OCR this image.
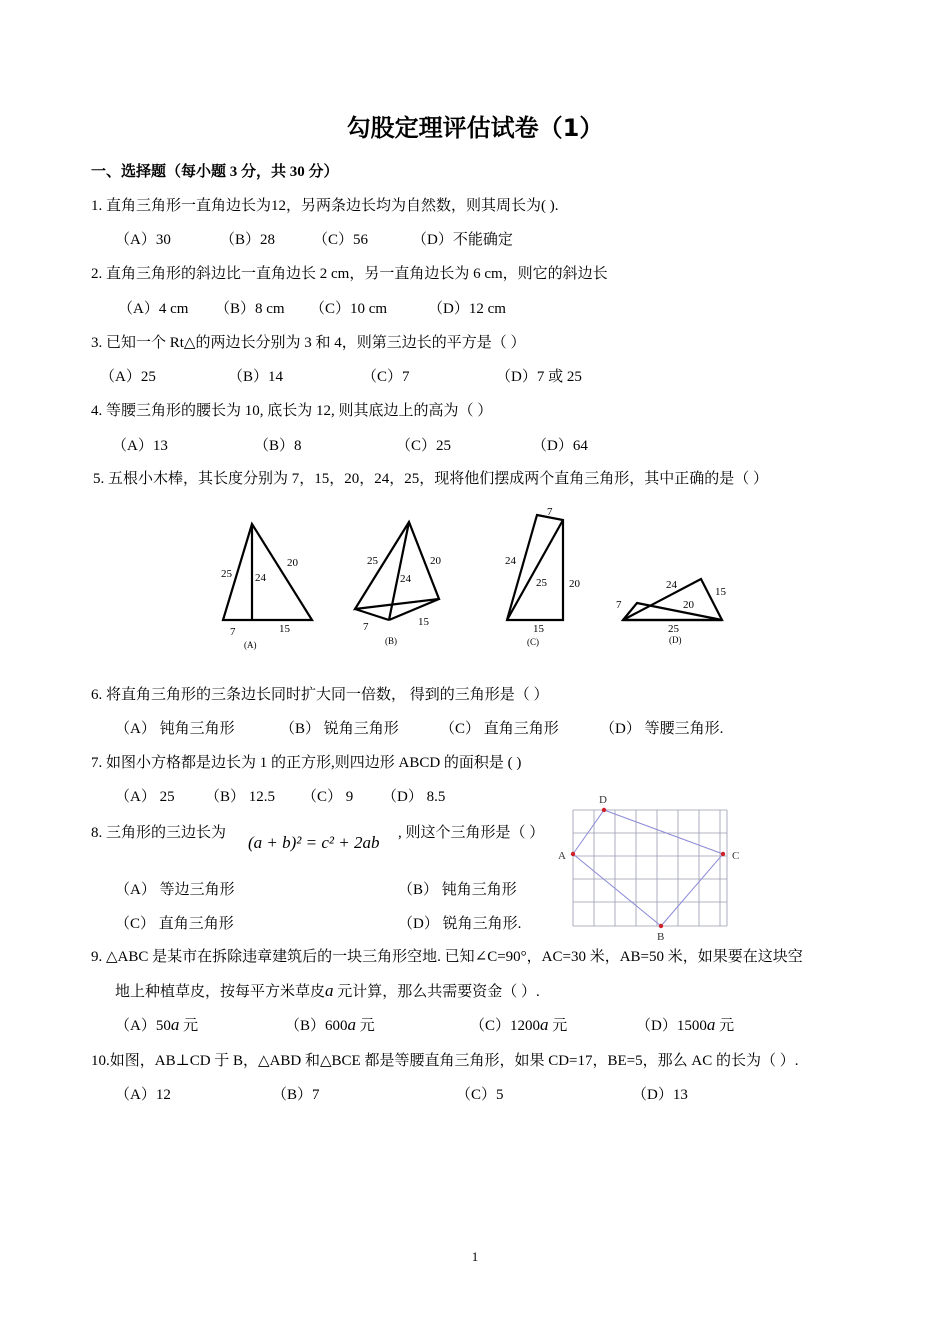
勾股定理评估试卷（1）
一、选择题（每小题 3 分，共 30 分）
1. 直角三角形一直角边长为12，另两条边长均为自然数，则其周长为( ).
（A）30	（B）28	（C）56	（D）不能确定
2. 直角三角形的斜边比一直角边长 2 cm，另一直角边长为 6 cm，则它的斜边长
（A）4 cm （B）8 cm （C）10 cm	（D）12 cm
3. 已知一个 Rt△的两边长分别为 3 和 4，则第三边长的平方是（ ）
（A）25	（B）14	（C）7	（D）7 或 25
4. 等腰三角形的腰长为 10, 底长为 12, 则其底边上的高为（ ）
（A）13	（B）8	（C）25	（D）64
5. 五根小木棒，其长度分别为 7，15，20，24，25，现将他们摆成两个直角三角形，其中正确的是（ ）
25 24
20
7	15
(A)
25
24
20
7	15
(B)
7
24
25 20
15
(C)
7
24
20
15
25
(D)
6. 将直角三角形的三条边长同时扩大同一倍数， 得到的三角形是（ ）
（A） 钝角三角形	（B） 锐角三角形	（C） 直角三角形	（D） 等腰三角形.
7. 如图小方格都是边长为 1 的正方形,则四边形 ABCD 的面积是 ( )
（A） 25 （B） 12.5 （C） 9 （D） 8.5	D
A	C
B
8. 三角形的三边长为 (a + b)² = c² + 2ab , 则这个三角形是（ ）
（A） 等边三角形	（B） 钝角三角形
（C） 直角三角形	（D） 锐角三角形.
9. △ABC 是某市在拆除违章建筑后的一块三角形空地. 已知∠C=90°，AC=30 米，AB=50 米，如果要在这块空
地上种植草皮，按每平方米草皮a 元计算，那么共需要资金（ ）.
（A）50a 元	（B）600a 元	（C）1200a 元	（D）1500a 元
10.如图，AB⊥CD 于 B，△ABD 和△BCE 都是等腰直角三角形，如果 CD=17，BE=5，那么 AC 的长为（ ）.
（A）12	（B）7	（C）5	（D）13
1
